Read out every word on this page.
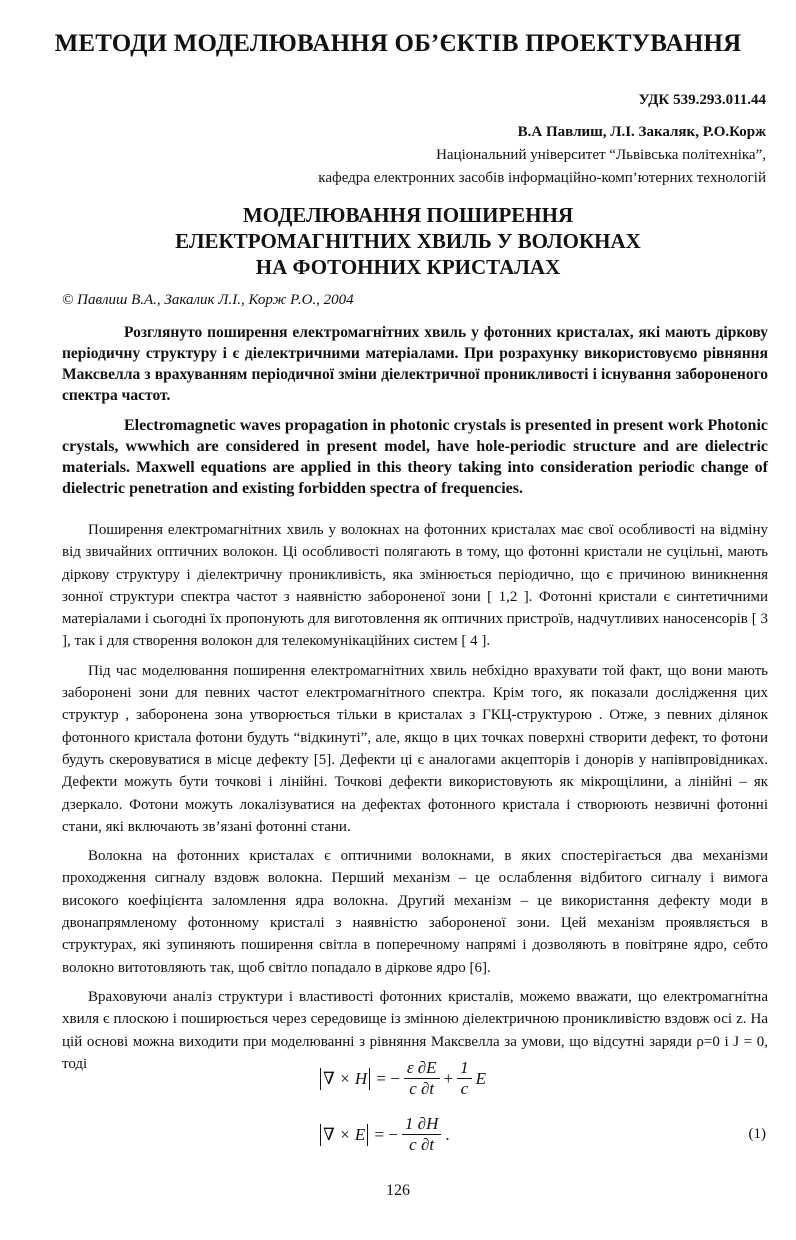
МЕТОДИ МОДЕЛЮВАННЯ ОБ’ЄКТІВ ПРОЕКТУВАННЯ
УДК 539.293.011.44
В.А Павлиш, Л.І. Закаляк, Р.О.Корж
Національний університет “Львівська політехніка”,
кафедра електронних засобів інформаційно-комп’ютерних технологій
МОДЕЛЮВАННЯ ПОШИРЕННЯ
ЕЛЕКТРОМАГНІТНИХ ХВИЛЬ У ВОЛОКНАХ
НА ФОТОННИХ КРИСТАЛАХ
© Павлиш В.А., Закалик Л.І., Корж Р.О., 2004
Розглянуто поширення електромагнітних хвиль у фотонних кристалах, які мають діркову періодичну структуру і є діелектричними матеріалами. При розрахунку використовуємо рівняння Максвелла з врахуванням періодичної зміни діелектричної проникливості і існування забороненого спектра частот.
Electromagnetic waves propagation in photonic crystals is presented in present work Photonic crystals, wwwhich are considered in present model, have hole-periodic structure and are dielectric materials. Maxwell equations are applied in this theory taking into consideration periodic change of dielectric penetration and existing forbidden spectra of frequencies.

Поширення електромагнітних хвиль у волокнах на фотонних кристалах має свої особливості на відміну від звичайних оптичних волокон. Ці особливості полягають в тому, що фотонні кристали не суцільні, мають діркову структуру і діелектричну проникливість, яка змінюється періодично, що є причиною виникнення зонної структури спектра частот з наявністю забороненої зони [ 1,2 ]. Фотонні кристали є синтетичними матеріалами і сьогодні їх пропонують для виготовлення як оптичних пристроїв, надчутливих наносенсорів [ 3 ], так і для створення волокон для телекомунікаційних систем [ 4 ].

Під час моделювання поширення електромагнітних хвиль небхідно врахувати той факт, що вони мають заборонені зони для певних частот електромагнітного спектра. Крім того, як показали дослідження цих структур , заборонена зона утворюється тільки в кристалах з ГКЦ-структурою . Отже, з певних ділянок фотонного кристала фотони будуть “відкинуті”, але, якщо в цих точках поверхні створити дефект, то фотони будуть скеровуватися в місце дефекту [5]. Дефекти ці є аналогами акцепторів і донорів у напівпровідниках. Дефекти можуть бути точкові і лінійні. Точкові дефекти використовують як мікрощілини, а лінійні – як дзеркало. Фотони можуть локалізуватися на дефектах фотонного кристала і створюють незвичні фотонні стани, які включають зв’язані фотонні стани.

Волокна на фотонних кристалах є оптичними волокнами, в яких спостерігається два механізми проходження сигналу вздовж волокна. Перший механізм – це ослаблення відбитого сигналу і вимога високого коефіцієнта заломлення ядра волокна. Другий механізм – це використання дефекту моди в двонапрямленому фотонному кристалі з наявністю забороненої зони. Цей механізм проявляється в структурах, які зупиняють поширення світла в поперечному напрямі і дозволяють в повітряне ядро, себто волокно витотовляють так, щоб світло попадало в діркове ядро [6].

Враховуючи аналіз структури і властивості фотонних кристалів, можемо вважати, що електромагнітна хвиля є плоскою і поширюється через середовище із змінною діелектричною проникливістю вздовж осі z. На цій основі можна виходити при моделюванні з рівняння Максвелла за умови, що відсутні заряди ρ=0 і J = 0, тоді

∇ × H = − $\frac{\varepsilon \partial E}{c \partial t} + \frac{1}{c}$ E
∇ × E = − $\frac{1 \partial H}{c \partial t}$ .	(1)
126
